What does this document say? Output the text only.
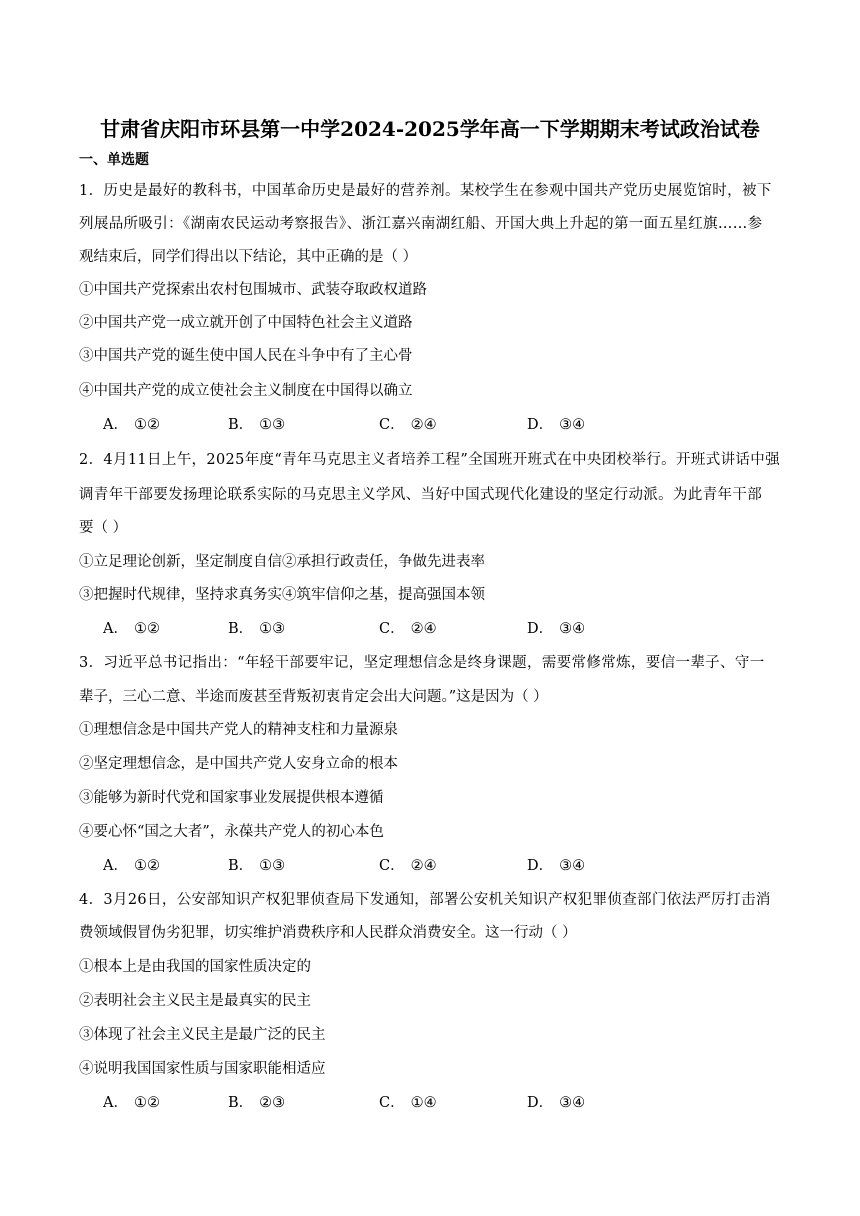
甘肃省庆阳市环县第一中学2024-2025学年高一下学期期末考试政治试卷
一、单选题
1．历史是最好的教科书，中国革命历史是最好的营养剂。某校学生在参观中国共产党历史展览馆时，被下
列展品所吸引：《湖南农民运动考察报告》、浙江嘉兴南湖红船、开国大典上升起的第一面五星红旗……参
观结束后，同学们得出以下结论，其中正确的是（ ）
①中国共产党探索出农村包围城市、武装夺取政权道路
②中国共产党一成立就开创了中国特色社会主义道路
③中国共产党的诞生使中国人民在斗争中有了主心骨
④中国共产党的成立使社会主义制度在中国得以确立
A． ①②	B． ①③	C． ②④	D． ③④
2．4月11日上午，2025年度“青年马克思主义者培养工程”全国班开班式在中央团校举行。开班式讲话中强
调青年干部要发扬理论联系实际的马克思主义学风、当好中国式现代化建设的坚定行动派。为此青年干部
要（ ）
①立足理论创新，坚定制度自信②承担行政责任，争做先进表率
③把握时代规律，坚持求真务实④筑牢信仰之基，提高强国本领
A． ①②	B． ①③	C． ②④	D． ③④
3．习近平总书记指出：“年轻干部要牢记，坚定理想信念是终身课题，需要常修常炼，要信一辈子、守一
辈子，三心二意、半途而废甚至背叛初衷肯定会出大问题。”这是因为（ ）
①理想信念是中国共产党人的精神支柱和力量源泉
②坚定理想信念，是中国共产党人安身立命的根本
③能够为新时代党和国家事业发展提供根本遵循
④要心怀“国之大者”，永葆共产党人的初心本色
A． ①②	B． ①③	C． ②④	D． ③④
4．3月26日，公安部知识产权犯罪侦查局下发通知，部署公安机关知识产权犯罪侦查部门依法严厉打击消
费领域假冒伪劣犯罪，切实维护消费秩序和人民群众消费安全。这一行动（ ）
①根本上是由我国的国家性质决定的
②表明社会主义民主是最真实的民主
③体现了社会主义民主是最广泛的民主
④说明我国国家性质与国家职能相适应
A． ①②	B． ②③	C． ①④	D． ③④
